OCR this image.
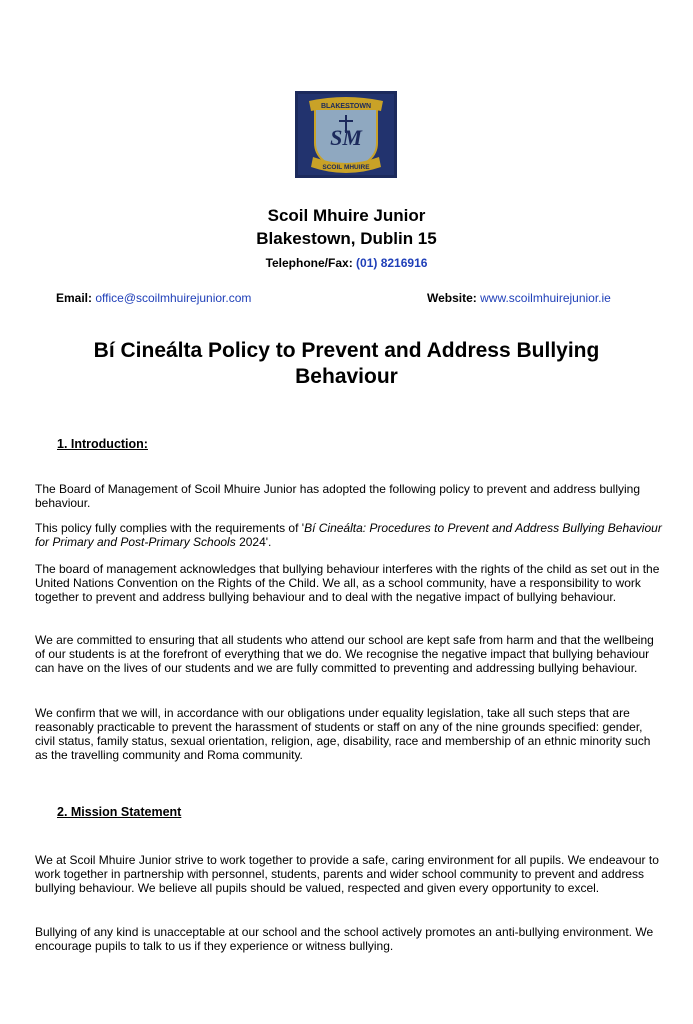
BLAKESTOWN
SM
SCOIL MHUIRE
Scoil Mhuire Junior
Blakestown, Dublin 15
Telephone/Fax: (01) 8216916
Email: office@scoilmhuirejunior.com	Website: www.scoilmhuirejunior.ie
Bí Cineálta Policy to Prevent and Address Bullying
Behaviour
1. Introduction:

The Board of Management of Scoil Mhuire Junior has adopted the following policy to prevent and address bullying behaviour.

This policy fully complies with the requirements of 'Bí Cineálta: Procedures to Prevent and Address Bullying Behaviour for Primary and Post-Primary Schools 2024'.

The board of management acknowledges that bullying behaviour interferes with the rights of the child as set out in the United Nations Convention on the Rights of the Child. We all, as a school community, have a responsibility to work together to prevent and address bullying behaviour and to deal with the negative impact of bullying behaviour.

We are committed to ensuring that all students who attend our school are kept safe from harm and that the wellbeing of our students is at the forefront of everything that we do. We recognise the negative impact that bullying behaviour can have on the lives of our students and we are fully committed to preventing and addressing bullying behaviour.

We confirm that we will, in accordance with our obligations under equality legislation, take all such steps that are reasonably practicable to prevent the harassment of students or staff on any of the nine grounds specified: gender, civil status, family status, sexual orientation, religion, age, disability, race and membership of an ethnic minority such as the travelling community and Roma community.

2. Mission Statement

We at Scoil Mhuire Junior strive to work together to provide a safe, caring environment for all pupils. We endeavour to work together in partnership with personnel, students, parents and wider school community to prevent and address bullying behaviour. We believe all pupils should be valued, respected and given every opportunity to excel.

Bullying of any kind is unacceptable at our school and the school actively promotes an anti-bullying environment. We encourage pupils to talk to us if they experience or witness bullying.
